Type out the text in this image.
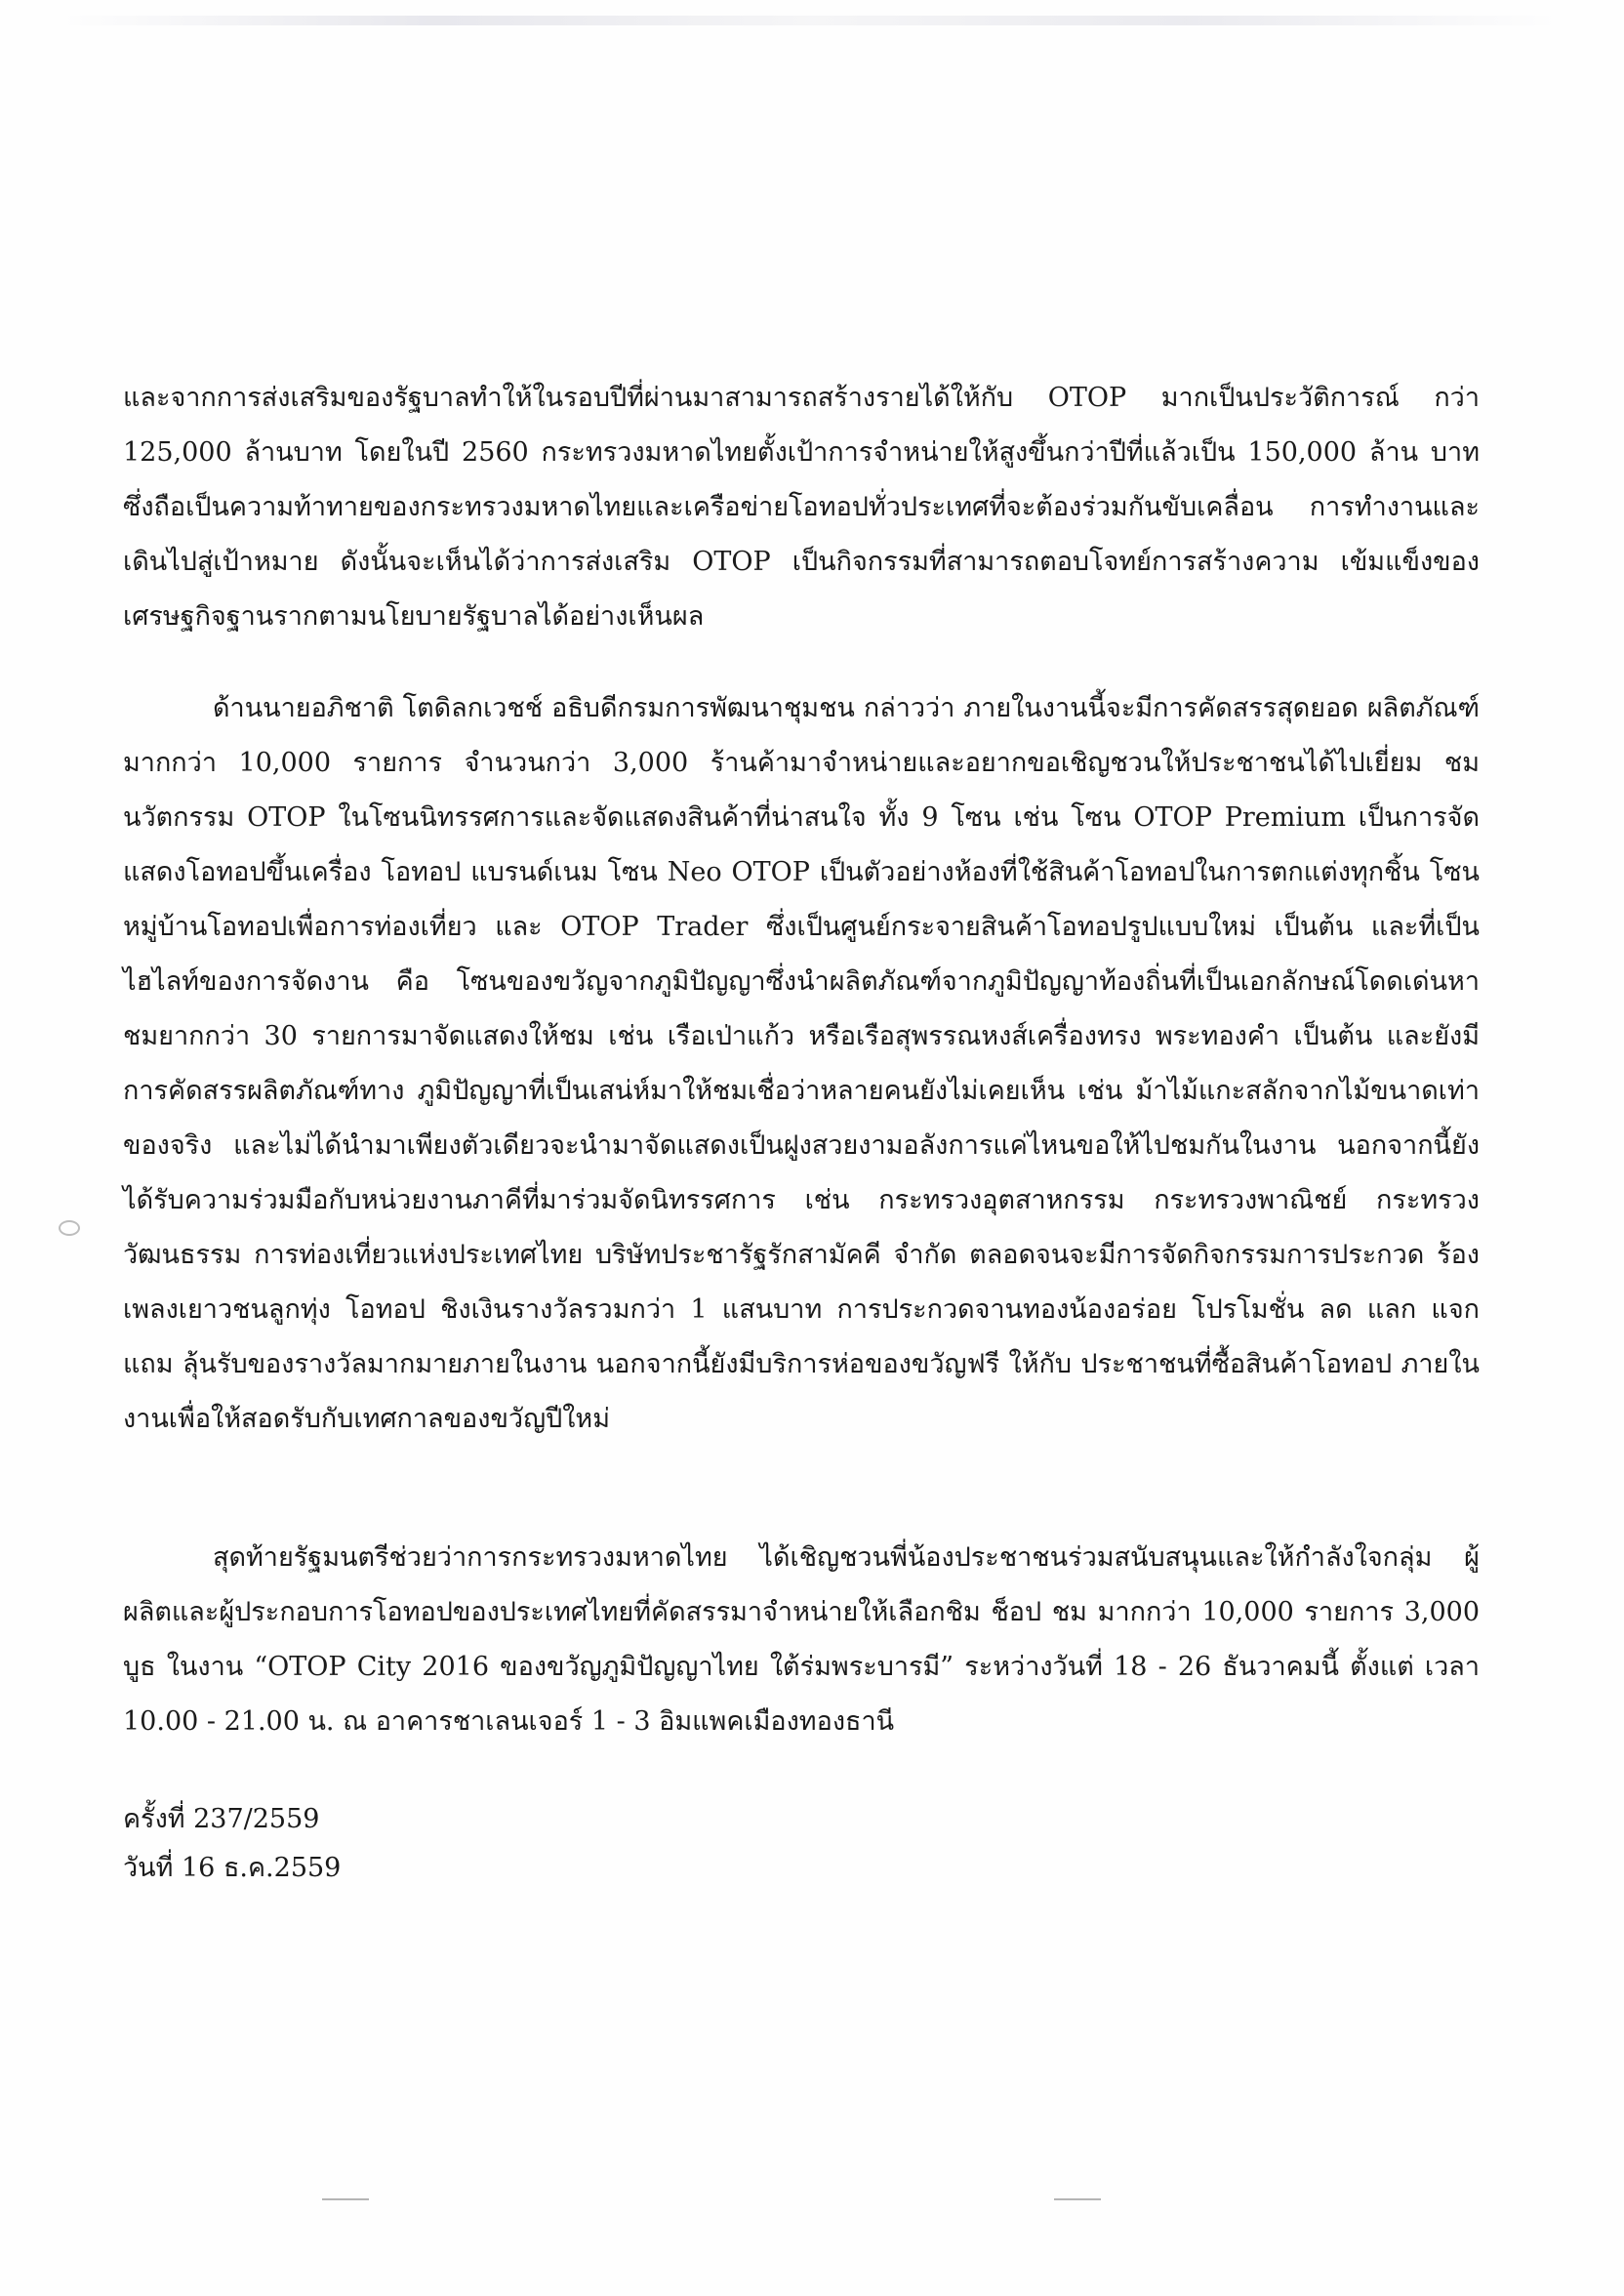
และจากการส่งเสริมของรัฐบาลทำให้ในรอบปีที่ผ่านมาสามารถสร้างรายได้ให้กับ OTOP มากเป็นประวัติการณ์ กว่า 125,000 ล้านบาท โดยในปี 2560 กระทรวงมหาดไทยตั้งเป้าการจำหน่ายให้สูงขึ้นกว่าปีที่แล้วเป็น 150,000 ล้าน บาท ซึ่งถือเป็นความท้าทายของกระทรวงมหาดไทยและเครือข่ายโอทอปทั่วประเทศที่จะต้องร่วมกันขับเคลื่อน การทำงานและเดินไปสู่เป้าหมาย ดังนั้นจะเห็นได้ว่าการส่งเสริม OTOP เป็นกิจกรรมที่สามารถตอบโจทย์การสร้างความ เข้มแข็งของเศรษฐกิจฐานรากตามนโยบายรัฐบาลได้อย่างเห็นผล

ด้านนายอภิชาติ โตดิลกเวชช์ อธิบดีกรมการพัฒนาชุมชน กล่าวว่า ภายในงานนี้จะมีการคัดสรรสุดยอด ผลิตภัณฑ์มากกว่า 10,000 รายการ จำนวนกว่า 3,000 ร้านค้ามาจำหน่ายและอยากขอเชิญชวนให้ประชาชนได้ไปเยี่ยม ชมนวัตกรรม OTOP ในโซนนิทรรศการและจัดแสดงสินค้าที่น่าสนใจ ทั้ง 9 โซน เช่น โซน OTOP Premium เป็นการจัด แสดงโอทอปขึ้นเครื่อง โอทอป แบรนด์เนม โซน Neo OTOP เป็นตัวอย่างห้องที่ใช้สินค้าโอทอปในการตกแต่งทุกชิ้น โซน หมู่บ้านโอทอปเพื่อการท่องเที่ยว และ OTOP Trader ซึ่งเป็นศูนย์กระจายสินค้าโอทอปรูปแบบใหม่ เป็นต้น และที่เป็น ไฮไลท์ของการจัดงาน คือ โซนของขวัญจากภูมิปัญญาซึ่งนำผลิตภัณฑ์จากภูมิปัญญาท้องถิ่นที่เป็นเอกลักษณ์โดดเด่นหา ชมยากกว่า 30 รายการมาจัดแสดงให้ชม เช่น เรือเป่าแก้ว หรือเรือสุพรรณหงส์เครื่องทรง พระทองคำ เป็นต้น และยังมี การคัดสรรผลิตภัณฑ์ทาง ภูมิปัญญาที่เป็นเสน่ห์มาให้ชมเชื่อว่าหลายคนยังไม่เคยเห็น เช่น ม้าไม้แกะสลักจากไม้ขนาดเท่า ของจริง และไม่ได้นำมาเพียงตัวเดียวจะนำมาจัดแสดงเป็นฝูงสวยงามอลังการแค่ไหนขอให้ไปชมกันในงาน นอกจากนี้ยัง ได้รับความร่วมมือกับหน่วยงานภาคีที่มาร่วมจัดนิทรรศการ เช่น กระทรวงอุตสาหกรรม กระทรวงพาณิชย์ กระทรวง วัฒนธรรม การท่องเที่ยวแห่งประเทศไทย บริษัทประชารัฐรักสามัคคี จำกัด ตลอดจนจะมีการจัดกิจกรรมการประกวด ร้องเพลงเยาวชนลูกทุ่ง โอทอป ชิงเงินรางวัลรวมกว่า 1 แสนบาท การประกวดจานทองน้องอร่อย โปรโมชั่น ลด แลก แจก แถม ลุ้นรับของรางวัลมากมายภายในงาน นอกจากนี้ยังมีบริการห่อของขวัญฟรี ให้กับ ประชาชนที่ซื้อสินค้าโอทอป ภายในงานเพื่อให้สอดรับกับเทศกาลของขวัญปีใหม่

สุดท้ายรัฐมนตรีช่วยว่าการกระทรวงมหาดไทย ได้เชิญชวนพี่น้องประชาชนร่วมสนับสนุนและให้กำลังใจกลุ่ม ผู้ผลิตและผู้ประกอบการโอทอปของประเทศไทยที่คัดสรรมาจำหน่ายให้เลือกชิม ช็อป ชม มากกว่า 10,000 รายการ 3,000 บูธ ในงาน “OTOP City 2016 ของขวัญภูมิปัญญาไทย ใต้ร่มพระบารมี” ระหว่างวันที่ 18 - 26 ธันวาคมนี้ ตั้งแต่ เวลา 10.00 - 21.00 น. ณ อาคารชาเลนเจอร์ 1 - 3 อิมแพคเมืองทองธานี

ครั้งที่ 237/2559

วันที่ 16 ธ.ค.2559
